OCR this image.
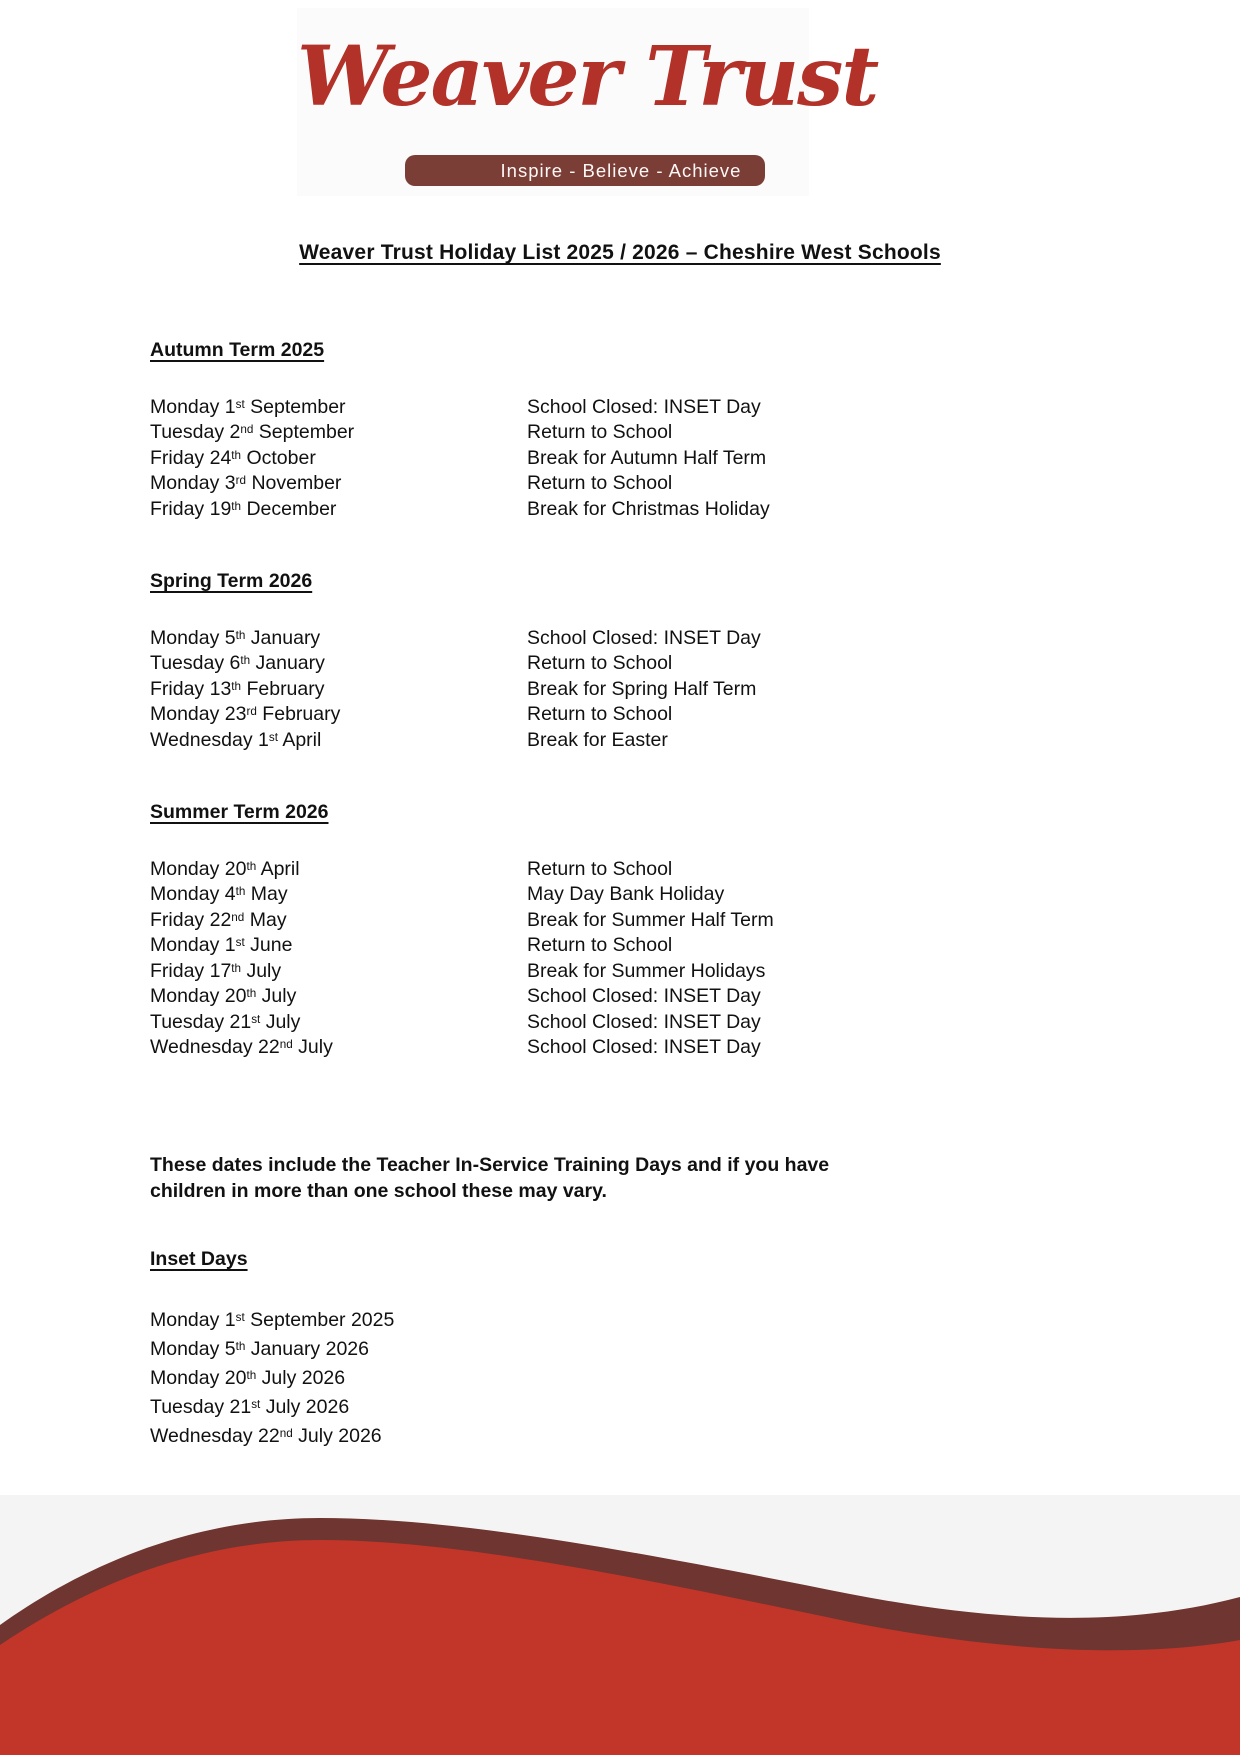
Weaver Trust
Inspire - Believe - Achieve
Weaver Trust Holiday List 2025 / 2026 – Cheshire West Schools
Autumn Term 2025
Monday 1st September	School Closed: INSET Day
Tuesday 2nd September	Return to School
Friday 24th October	Break for Autumn Half Term
Monday 3rd November	Return to School
Friday 19th December	Break for Christmas Holiday
Spring Term 2026
Monday 5th January	School Closed: INSET Day
Tuesday 6th January	Return to School
Friday 13th February	Break for Spring Half Term
Monday 23rd February	Return to School
Wednesday 1st April	Break for Easter
Summer Term 2026
Monday 20th April	Return to School
Monday 4th May	May Day Bank Holiday
Friday 22nd May	Break for Summer Half Term
Monday 1st June	Return to School
Friday 17th July	Break for Summer Holidays
Monday 20th July	School Closed: INSET Day
Tuesday 21st July	School Closed: INSET Day
Wednesday 22nd July	School Closed: INSET Day

These dates include the Teacher In-Service Training Days and if you have
children in more than one school these may vary.

Inset Days
Monday 1st September 2025
Monday 5th January 2026
Monday 20th July 2026
Tuesday 21st July 2026
Wednesday 22nd July 2026
